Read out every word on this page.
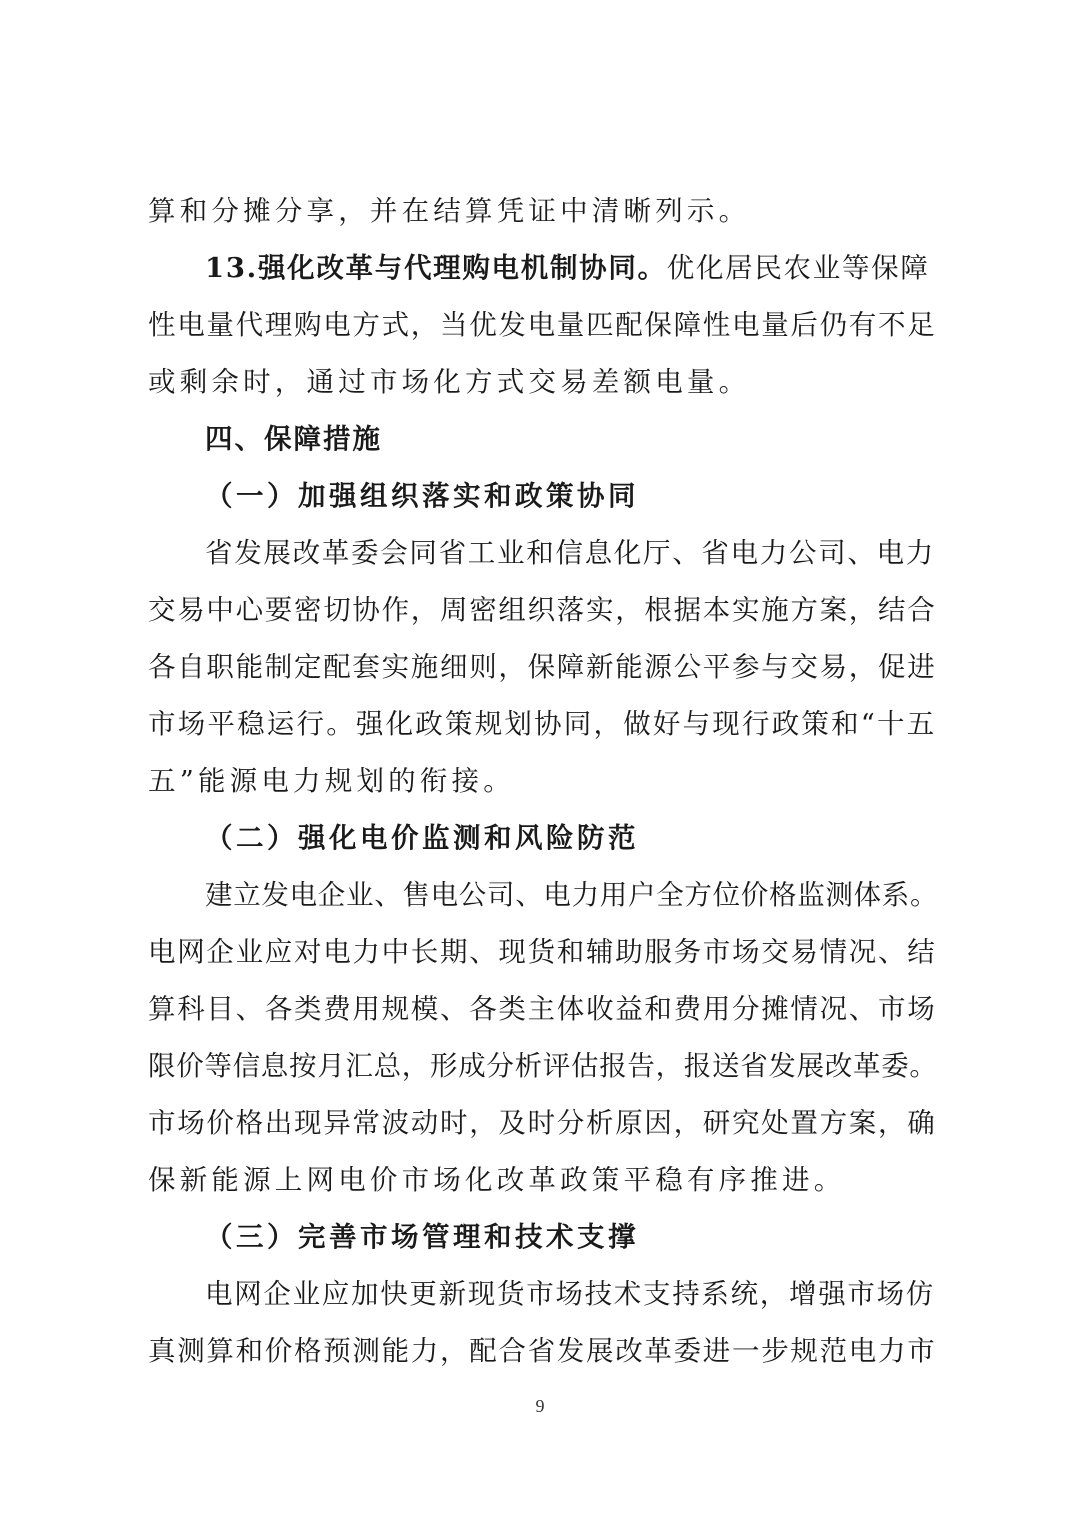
算和分摊分享，并在结算凭证中清晰列示。
13.强化改革与代理购电机制协同。优化居民农业等保障
性电量代理购电方式，当优发电量匹配保障性电量后仍有不足
或剩余时，通过市场化方式交易差额电量。
四、保障措施
（一）加强组织落实和政策协同
省发展改革委会同省工业和信息化厅、省电力公司、电力
交易中心要密切协作，周密组织落实，根据本实施方案，结合
各自职能制定配套实施细则，保障新能源公平参与交易，促进
市场平稳运行。强化政策规划协同，做好与现行政策和“十五
五”能源电力规划的衔接。
（二）强化电价监测和风险防范
建立发电企业、售电公司、电力用户全方位价格监测体系。
电网企业应对电力中长期、现货和辅助服务市场交易情况、结
算科目、各类费用规模、各类主体收益和费用分摊情况、市场
限价等信息按月汇总，形成分析评估报告，报送省发展改革委。
市场价格出现异常波动时，及时分析原因，研究处置方案，确
保新能源上网电价市场化改革政策平稳有序推进。
（三）完善市场管理和技术支撑
电网企业应加快更新现货市场技术支持系统，增强市场仿
真测算和价格预测能力，配合省发展改革委进一步规范电力市
9
